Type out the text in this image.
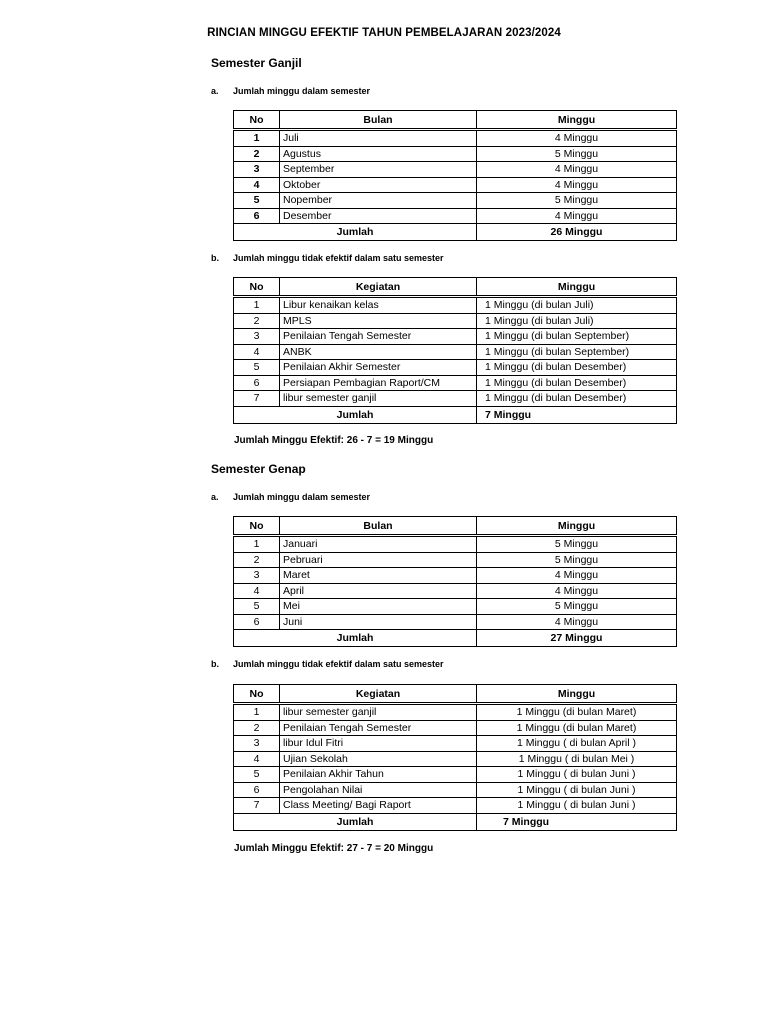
RINCIAN MINGGU EFEKTIF TAHUN PEMBELAJARAN 2023/2024
Semester Ganjil
a. Jumlah minggu dalam semester
No	Bulan	Minggu
1	Juli	4 Minggu
2	Agustus	5 Minggu
3	September	4 Minggu
4	Oktober	4 Minggu
5	Nopember	5 Minggu
6	Desember	4 Minggu
Jumlah		26 Minggu
b. Jumlah minggu tidak efektif dalam satu semester
No	Kegiatan	Minggu
1	Libur kenaikan kelas	1 Minggu (di bulan Juli)
2	MPLS	1 Minggu (di bulan Juli)
3	Penilaian Tengah Semester	1 Minggu (di bulan September)
4	ANBK	1 Minggu (di bulan September)
5	Penilaian Akhir Semester	1 Minggu (di bulan Desember)
6	Persiapan Pembagian Raport/CM	1 Minggu (di bulan Desember)
7	libur semester ganjil	1 Minggu (di bulan Desember)
Jumlah		7 Minggu
Jumlah Minggu Efektif: 26 - 7 = 19 Minggu
Semester Genap
a. Jumlah minggu dalam semester
No	Bulan	Minggu
1	Januari	5 Minggu
2	Pebruari	5 Minggu
3	Maret	4 Minggu
4	April	4 Minggu
5	Mei	5 Minggu
6	Juni	4 Minggu
Jumlah		27 Minggu
b. Jumlah minggu tidak efektif dalam satu semester
No	Kegiatan	Minggu
1	libur semester ganjil	1 Minggu (di bulan Maret)
2	Penilaian Tengah Semester	1 Minggu (di bulan Maret)
3	libur Idul Fitri	1 Minggu ( di bulan April )
4	Ujian Sekolah	1 Minggu ( di bulan Mei )
5	Penilaian Akhir Tahun	1 Minggu ( di bulan Juni )
6	Pengolahan Nilai	1 Minggu ( di bulan Juni )
7	Class Meeting/ Bagi Raport	1 Minggu ( di bulan Juni )
Jumlah		7 Minggu
Jumlah Minggu Efektif: 27 - 7 = 20 Minggu
